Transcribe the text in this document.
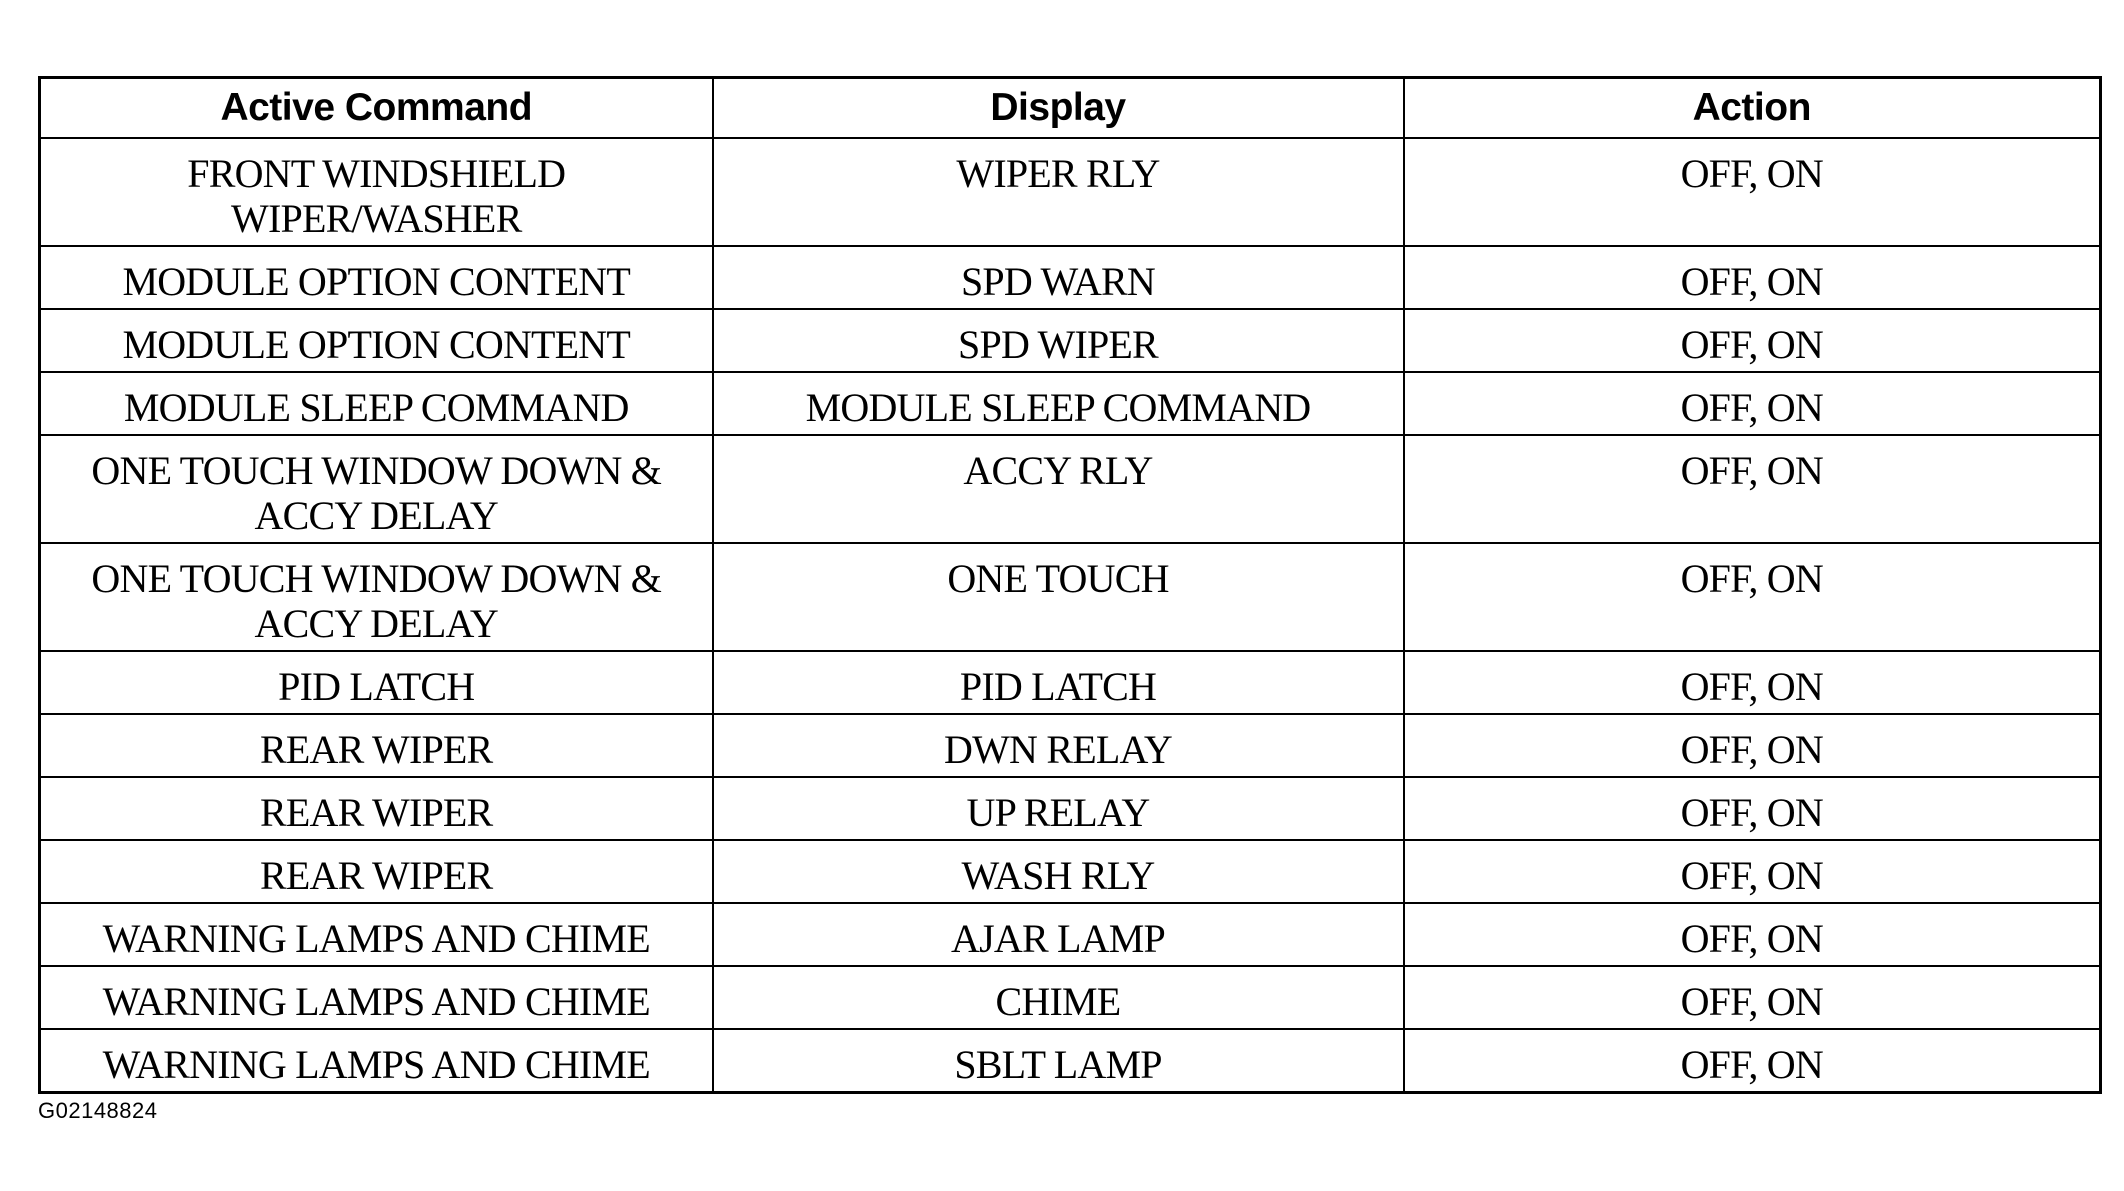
Active Command	Display	Action
FRONT WINDSHIELD WIPER/WASHER	WIPER RLY	OFF, ON
MODULE OPTION CONTENT	SPD WARN	OFF, ON
MODULE OPTION CONTENT	SPD WIPER	OFF, ON
MODULE SLEEP COMMAND	MODULE SLEEP COMMAND	OFF, ON
ONE TOUCH WINDOW DOWN & ACCY DELAY	ACCY RLY	OFF, ON
ONE TOUCH WINDOW DOWN & ACCY DELAY	ONE TOUCH	OFF, ON
PID LATCH	PID LATCH	OFF, ON
REAR WIPER	DWN RELAY	OFF, ON
REAR WIPER	UP RELAY	OFF, ON
REAR WIPER	WASH RLY	OFF, ON
WARNING LAMPS AND CHIME	AJAR LAMP	OFF, ON
WARNING LAMPS AND CHIME	CHIME	OFF, ON
WARNING LAMPS AND CHIME	SBLT LAMP	OFF, ON
G02148824
